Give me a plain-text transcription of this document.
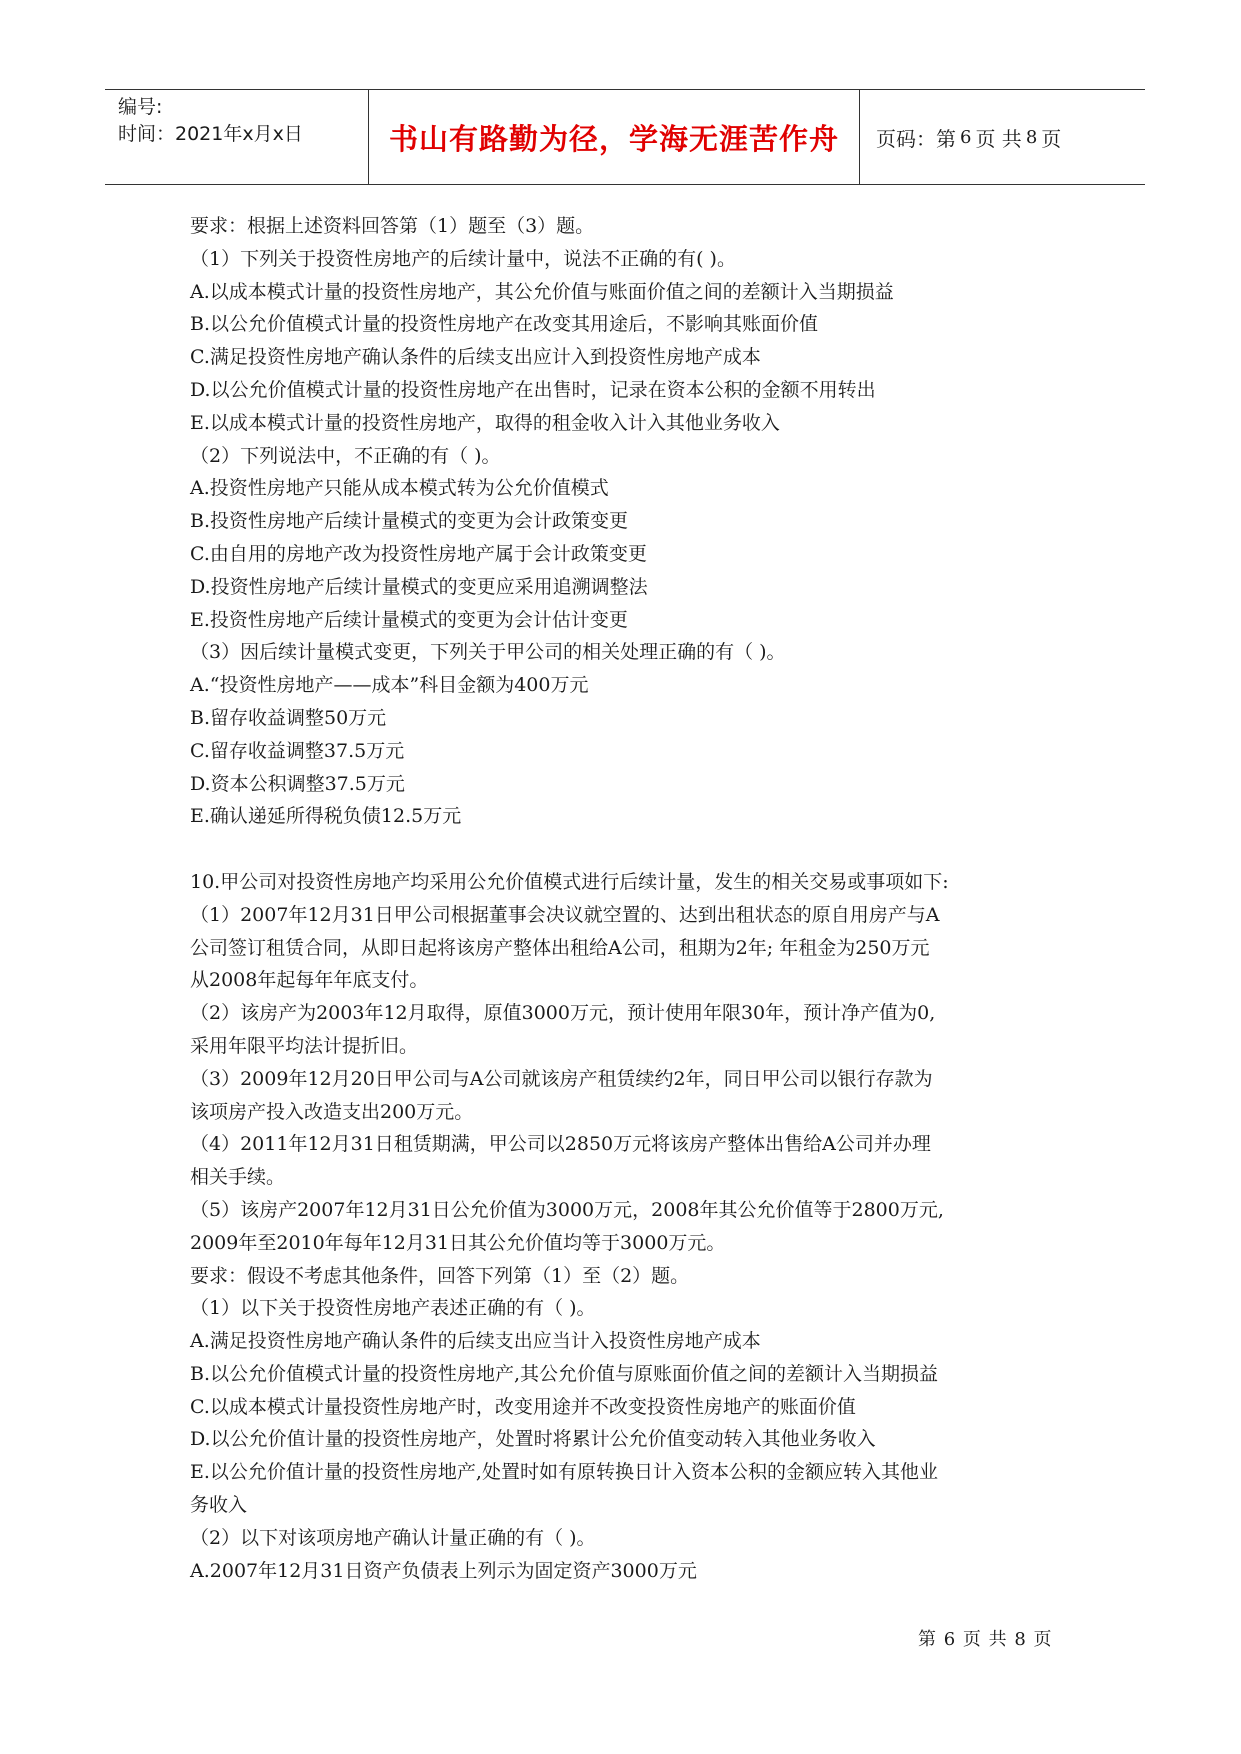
编号:
时间：2021年x月x日	书山有路勤为径，学海无涯苦作舟	页码：第 6 页 共 8 页
要求：根据上述资料回答第（1）题至（3）题。
（1）下列关于投资性房地产的后续计量中，说法不正确的有( )。
A.以成本模式计量的投资性房地产，其公允价值与账面价值之间的差额计入当期损益
B.以公允价值模式计量的投资性房地产在改变其用途后，不影响其账面价值
C.满足投资性房地产确认条件的后续支出应计入到投资性房地产成本
D.以公允价值模式计量的投资性房地产在出售时，记录在资本公积的金额不用转出
E.以成本模式计量的投资性房地产，取得的租金收入计入其他业务收入
（2）下列说法中，不正确的有（ )。
A.投资性房地产只能从成本模式转为公允价值模式
B.投资性房地产后续计量模式的变更为会计政策变更
C.由自用的房地产改为投资性房地产属于会计政策变更
D.投资性房地产后续计量模式的变更应采用追溯调整法
E.投资性房地产后续计量模式的变更为会计估计变更
（3）因后续计量模式变更，下列关于甲公司的相关处理正确的有（ )。
A.“投资性房地产——成本”科目金额为400万元
B.留存收益调整50万元
C.留存收益调整37.5万元
D.资本公积调整37.5万元
E.确认递延所得税负债12.5万元
10.甲公司对投资性房地产均采用公允价值模式进行后续计量，发生的相关交易或事项如下:
（1）2007年12月31日甲公司根据董事会决议就空置的、达到出租状态的原自用房产与A
公司签订租赁合同，从即日起将该房产整体出租给A公司，租期为2年; 年租金为250万元
从2008年起每年年底支付。
（2）该房产为2003年12月取得，原值3000万元，预计使用年限30年，预计净产值为0,
采用年限平均法计提折旧。
（3）2009年12月20日甲公司与A公司就该房产租赁续约2年，同日甲公司以银行存款为
该项房产投入改造支出200万元。
（4）2011年12月31日租赁期满，甲公司以2850万元将该房产整体出售给A公司并办理
相关手续。
（5）该房产2007年12月31日公允价值为3000万元，2008年其公允价值等于2800万元,
2009年至2010年每年12月31日其公允价值均等于3000万元。
要求：假设不考虑其他条件，回答下列第（1）至（2）题。
（1）以下关于投资性房地产表述正确的有（ )。
A.满足投资性房地产确认条件的后续支出应当计入投资性房地产成本
B.以公允价值模式计量的投资性房地产,其公允价值与原账面价值之间的差额计入当期损益
C.以成本模式计量投资性房地产时，改变用途并不改变投资性房地产的账面价值
D.以公允价值计量的投资性房地产，处置时将累计公允价值变动转入其他业务收入
E.以公允价值计量的投资性房地产,处置时如有原转换日计入资本公积的金额应转入其他业
务收入
（2）以下对该项房地产确认计量正确的有（ )。
A.2007年12月31日资产负债表上列示为固定资产3000万元
第 6 页 共 8 页
